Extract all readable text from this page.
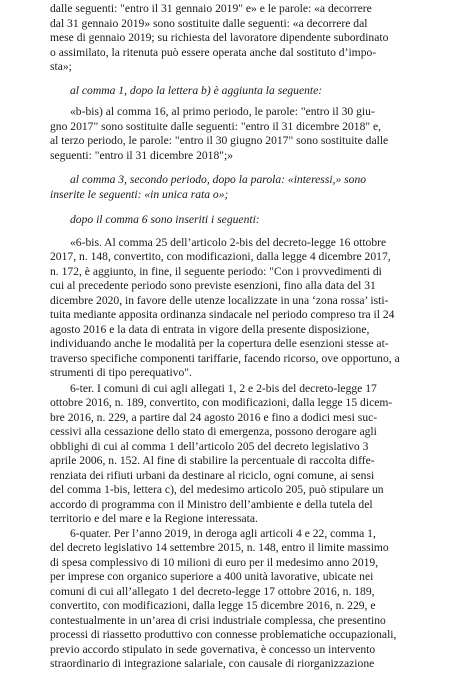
dalle seguenti: "entro il 31 gennaio 2019" e» e le parole: «a decorrere
dal 31 gennaio 2019» sono sostituite dalle seguenti: «a decorrere dal
mese di gennaio 2019; su richiesta del lavoratore dipendente subordinato
o assimilato, la ritenuta può essere operata anche dal sostituto d’impo-
sta»;
al comma 1, dopo la lettera b) è aggiunta la seguente:
«b-bis) al comma 16, al primo periodo, le parole: "entro il 30 giu-
gno 2017" sono sostituite dalle seguenti: "entro il 31 dicembre 2018" e,
al terzo periodo, le parole: "entro il 30 giugno 2017" sono sostituite dalle
seguenti: "entro il 31 dicembre 2018";»
al comma 3, secondo periodo, dopo la parola: «interessi,» sono
inserite le seguenti: «in unica rata o»;
dopo il comma 6 sono inseriti i seguenti:
«6-bis. Al comma 25 dell’articolo 2-bis del decreto-legge 16 ottobre
2017, n. 148, convertito, con modificazioni, dalla legge 4 dicembre 2017,
n. 172, è aggiunto, in fine, il seguente periodo: "Con i provvedimenti di
cui al precedente periodo sono previste esenzioni, fino alla data del 31
dicembre 2020, in favore delle utenze localizzate in una ‘zona rossa’ isti-
tuita mediante apposita ordinanza sindacale nel periodo compreso tra il 24
agosto 2016 e la data di entrata in vigore della presente disposizione,
individuando anche le modalità per la copertura delle esenzioni stesse at-
traverso specifiche componenti tariffarie, facendo ricorso, ove opportuno, a
strumenti di tipo perequativo".
6-ter. I comuni di cui agli allegati 1, 2 e 2-bis del decreto-legge 17
ottobre 2016, n. 189, convertito, con modificazioni, dalla legge 15 dicem-
bre 2016, n. 229, a partire dal 24 agosto 2016 e fino a dodici mesi suc-
cessivi alla cessazione dello stato di emergenza, possono derogare agli
obblighi di cui al comma 1 dell’articolo 205 del decreto legislativo 3
aprile 2006, n. 152. Al fine di stabilire la percentuale di raccolta diffe-
renziata dei rifiuti urbani da destinare al riciclo, ogni comune, ai sensi
del comma 1-bis, lettera c), del medesimo articolo 205, può stipulare un
accordo di programma con il Ministro dell’ambiente e della tutela del
territorio e del mare e la Regione interessata.
6-quater. Per l’anno 2019, in deroga agli articoli 4 e 22, comma 1,
del decreto legislativo 14 settembre 2015, n. 148, entro il limite massimo
di spesa complessivo di 10 milioni di euro per il medesimo anno 2019,
per imprese con organico superiore a 400 unità lavorative, ubicate nei
comuni di cui all’allegato 1 del decreto-legge 17 ottobre 2016, n. 189,
convertito, con modificazioni, dalla legge 15 dicembre 2016, n. 229, e
contestualmente in un’area di crisi industriale complessa, che presentino
processi di riassetto produttivo con connesse problematiche occupazionali,
previo accordo stipulato in sede governativa, è concesso un intervento
straordinario di integrazione salariale, con causale di riorganizzazione
